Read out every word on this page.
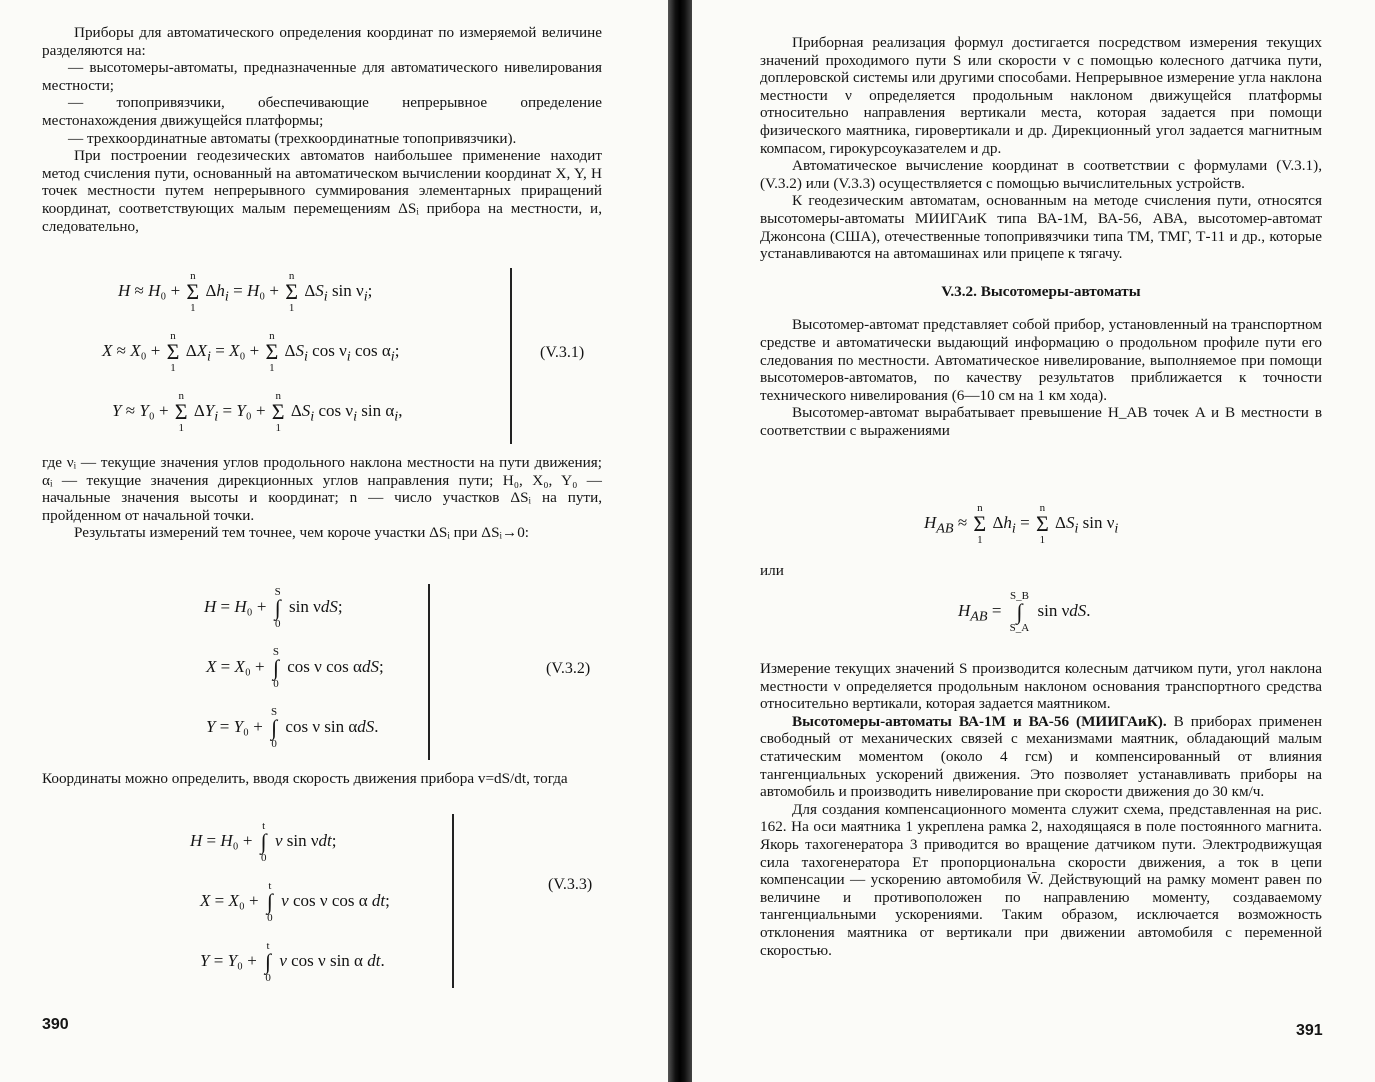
Приборы для автоматического определения координат по измеряемой величине разделяются на:

— высотомеры-автоматы, предназначенные для автоматического нивелирования местности;

— топопривязчики, обеспечивающие непрерывное определение местонахождения движущейся платформы;

— трехкоординатные автоматы (трехкоординатные топопривязчики).

При построении геодезических автоматов наибольшее применение находит метод счисления пути, основанный на автоматическом вычислении координат X, Y, H точек местности путем непрерывного суммирования элементарных приращений координат, соответствующих малым перемещениям ΔSᵢ прибора на местности, и, следовательно,

H ≈ H₀ + n
Σ
1 $\Delta h_i = H_0 + n$
Σ
1 $\Delta S_i$ $\sin \nu_i$;
X ≈ X₀ + n
Σ
1 $\Delta X_i = X_0 + n$
Σ
1 $\Delta S_i$ $\cos \nu_i$ $\cos \alpha_i$;
Y ≈ Y₀ + n
Σ
1 $\Delta Y_i = Y_0 + n$
Σ
1 $\Delta S_i$ $\cos \nu_i$ $\sin \alpha_i$,
(V.3.1)

где νᵢ — текущие значения углов продольного наклона местности на пути движения; αᵢ — текущие значения дирекционных углов направления пути; H₀, X₀, Y₀ — начальные значения высоты и координат; n — число участков ΔSᵢ на пути, пройденном от начальной точки.

Результаты измерений тем точнее, чем короче участки ΔSᵢ при ΔSᵢ→0:

H = H₀ + S
∫
0 sin νdS;
X = X₀ + S
∫
0 cos ν cos αdS;
Y = Y₀ + S
∫
0 cos ν sin αdS.
(V.3.2)

Координаты можно определить, вводя скорость движения прибора v=dS/dt, тогда

H = H₀ + t
∫
0 v sin νdt;
X = X₀ + t
∫
0 v cos ν cos α dt;
Y = Y₀ + t
∫
0 v cos ν sin α dt.
(V.3.3)
390

Приборная реализация формул достигается посредством измерения текущих значений проходимого пути S или скорости v с помощью колесного датчика пути, доплеровской системы или другими способами. Непрерывное измерение угла наклона местности ν определяется продольным наклоном движущейся платформы относительно направления вертикали места, которая задается при помощи физического маятника, гировертикали и др. Дирекционный угол задается магнитным компасом, гирокурсоуказателем и др.

Автоматическое вычисление координат в соответствии с формулами (V.3.1), (V.3.2) или (V.3.3) осуществляется с помощью вычислительных устройств.

К геодезическим автоматам, основанным на методе счисления пути, относятся высотомеры-автоматы МИИГАиК типа ВА-1М, ВА-56, АВА, высотомер-автомат Джонсона (США), отечественные топопривязчики типа ТМ, ТМГ, Т-11 и др., которые устанавливаются на автомашинах или прицепе к тягачу.

V.3.2. Высотомеры-автоматы

Высотомер-автомат представляет собой прибор, установленный на транспортном средстве и автоматически выдающий информацию о продольном профиле пути его следования по местности. Автоматическое нивелирование, выполняемое при помощи высотомеров-автоматов, по качеству результатов приближается к точности технического нивелирования (6—10 см на 1 км хода).

Высотомер-автомат вырабатывает превышение H_AB точек A и B местности в соответствии с выражениями

$H_{AB} \approx n$
Σ
1 $\Delta h_i = n$
Σ
1 $\Delta S_i$ $\sin \nu_i$

или

$H_{AB}$ = S_B
∫
S_A sin νdS.

Измерение текущих значений S производится колесным датчиком пути, угол наклона местности ν определяется продольным наклоном основания транспортного средства относительно вертикали, которая задается маятником.

Высотомеры-автоматы ВА-1М и ВА-56 (МИИГАиК). В приборах применен свободный от механических связей с механизмами маятник, обладающий малым статическим моментом (около 4 гсм) и компенсированный от влияния тангенциальных ускорений движения. Это позволяет устанавливать приборы на автомобиль и производить нивелирование при скорости движения до 30 км/ч.

Для создания компенсационного момента служит схема, представленная на рис. 162. На оси маятника 1 укреплена рамка 2, находящаяся в поле постоянного магнита. Якорь тахогенератора 3 приводится во вращение датчиком пути. Электродвижущая сила тахогенератора Eт пропорциональна скорости движения, а ток в цепи компенсации — ускорению автомобиля W̄. Действующий на рамку момент равен по величине и противоположен по направлению моменту, создаваемому тангенциальными ускорениями. Таким образом, исключается возможность отклонения маятника от вертикали при движении автомобиля с переменной скоростью.

391
